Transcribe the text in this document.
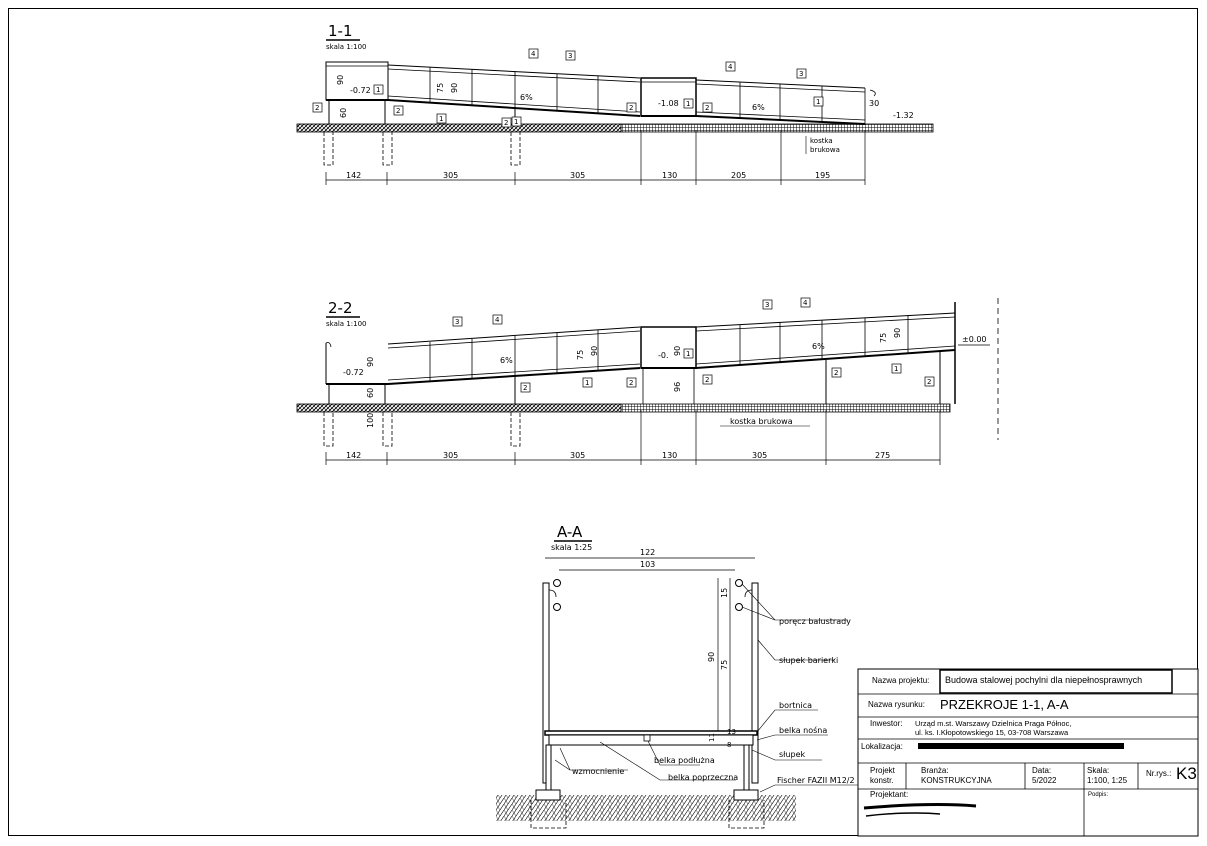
1-1
skala 1:100
90
60
-0.72	75 90
6%
-1.08	6%	30
-1.32
kostka
brukowa
1
2	2
1
4	3
2
2	1 2
4
3
1
1
142	305	305	130	205	195
2-2
skala 1:100
90
60
100
-0.72
6%
75 90	-0. 90
96
6%
75 90
±0.00
kostka brukowa
3	4
2
1	2
1
2
3	4
2	1
2
142	305	305	130	305	275
A-A
skala 1:25
122
103
15
90
75
11
8
13
poręcz balustrady
słupek barierki
bortnica
belka nośna
słupek
belka podłużna
wzmocnienie
belka poprzeczna	Fischer FAZII M12/2
Nazwa projektu: Budowa stalowej pochylni dla niepełnosprawnych
Nazwa rysunku: PRZEKROJE 1-1, A-A
Inwestor: Urząd m.st. Warszawy Dzielnica Praga Północ,
ul. ks. I.Kłopotowskiego 15, 03-708 Warszawa
Lokalizacja:
Projekt
konstr.
Branża:
KONSTRUKCYJNA
Data:
5/2022
Skala:
1:100, 1:25
Nr.rys.: K3
Projektant:	Podpis:
